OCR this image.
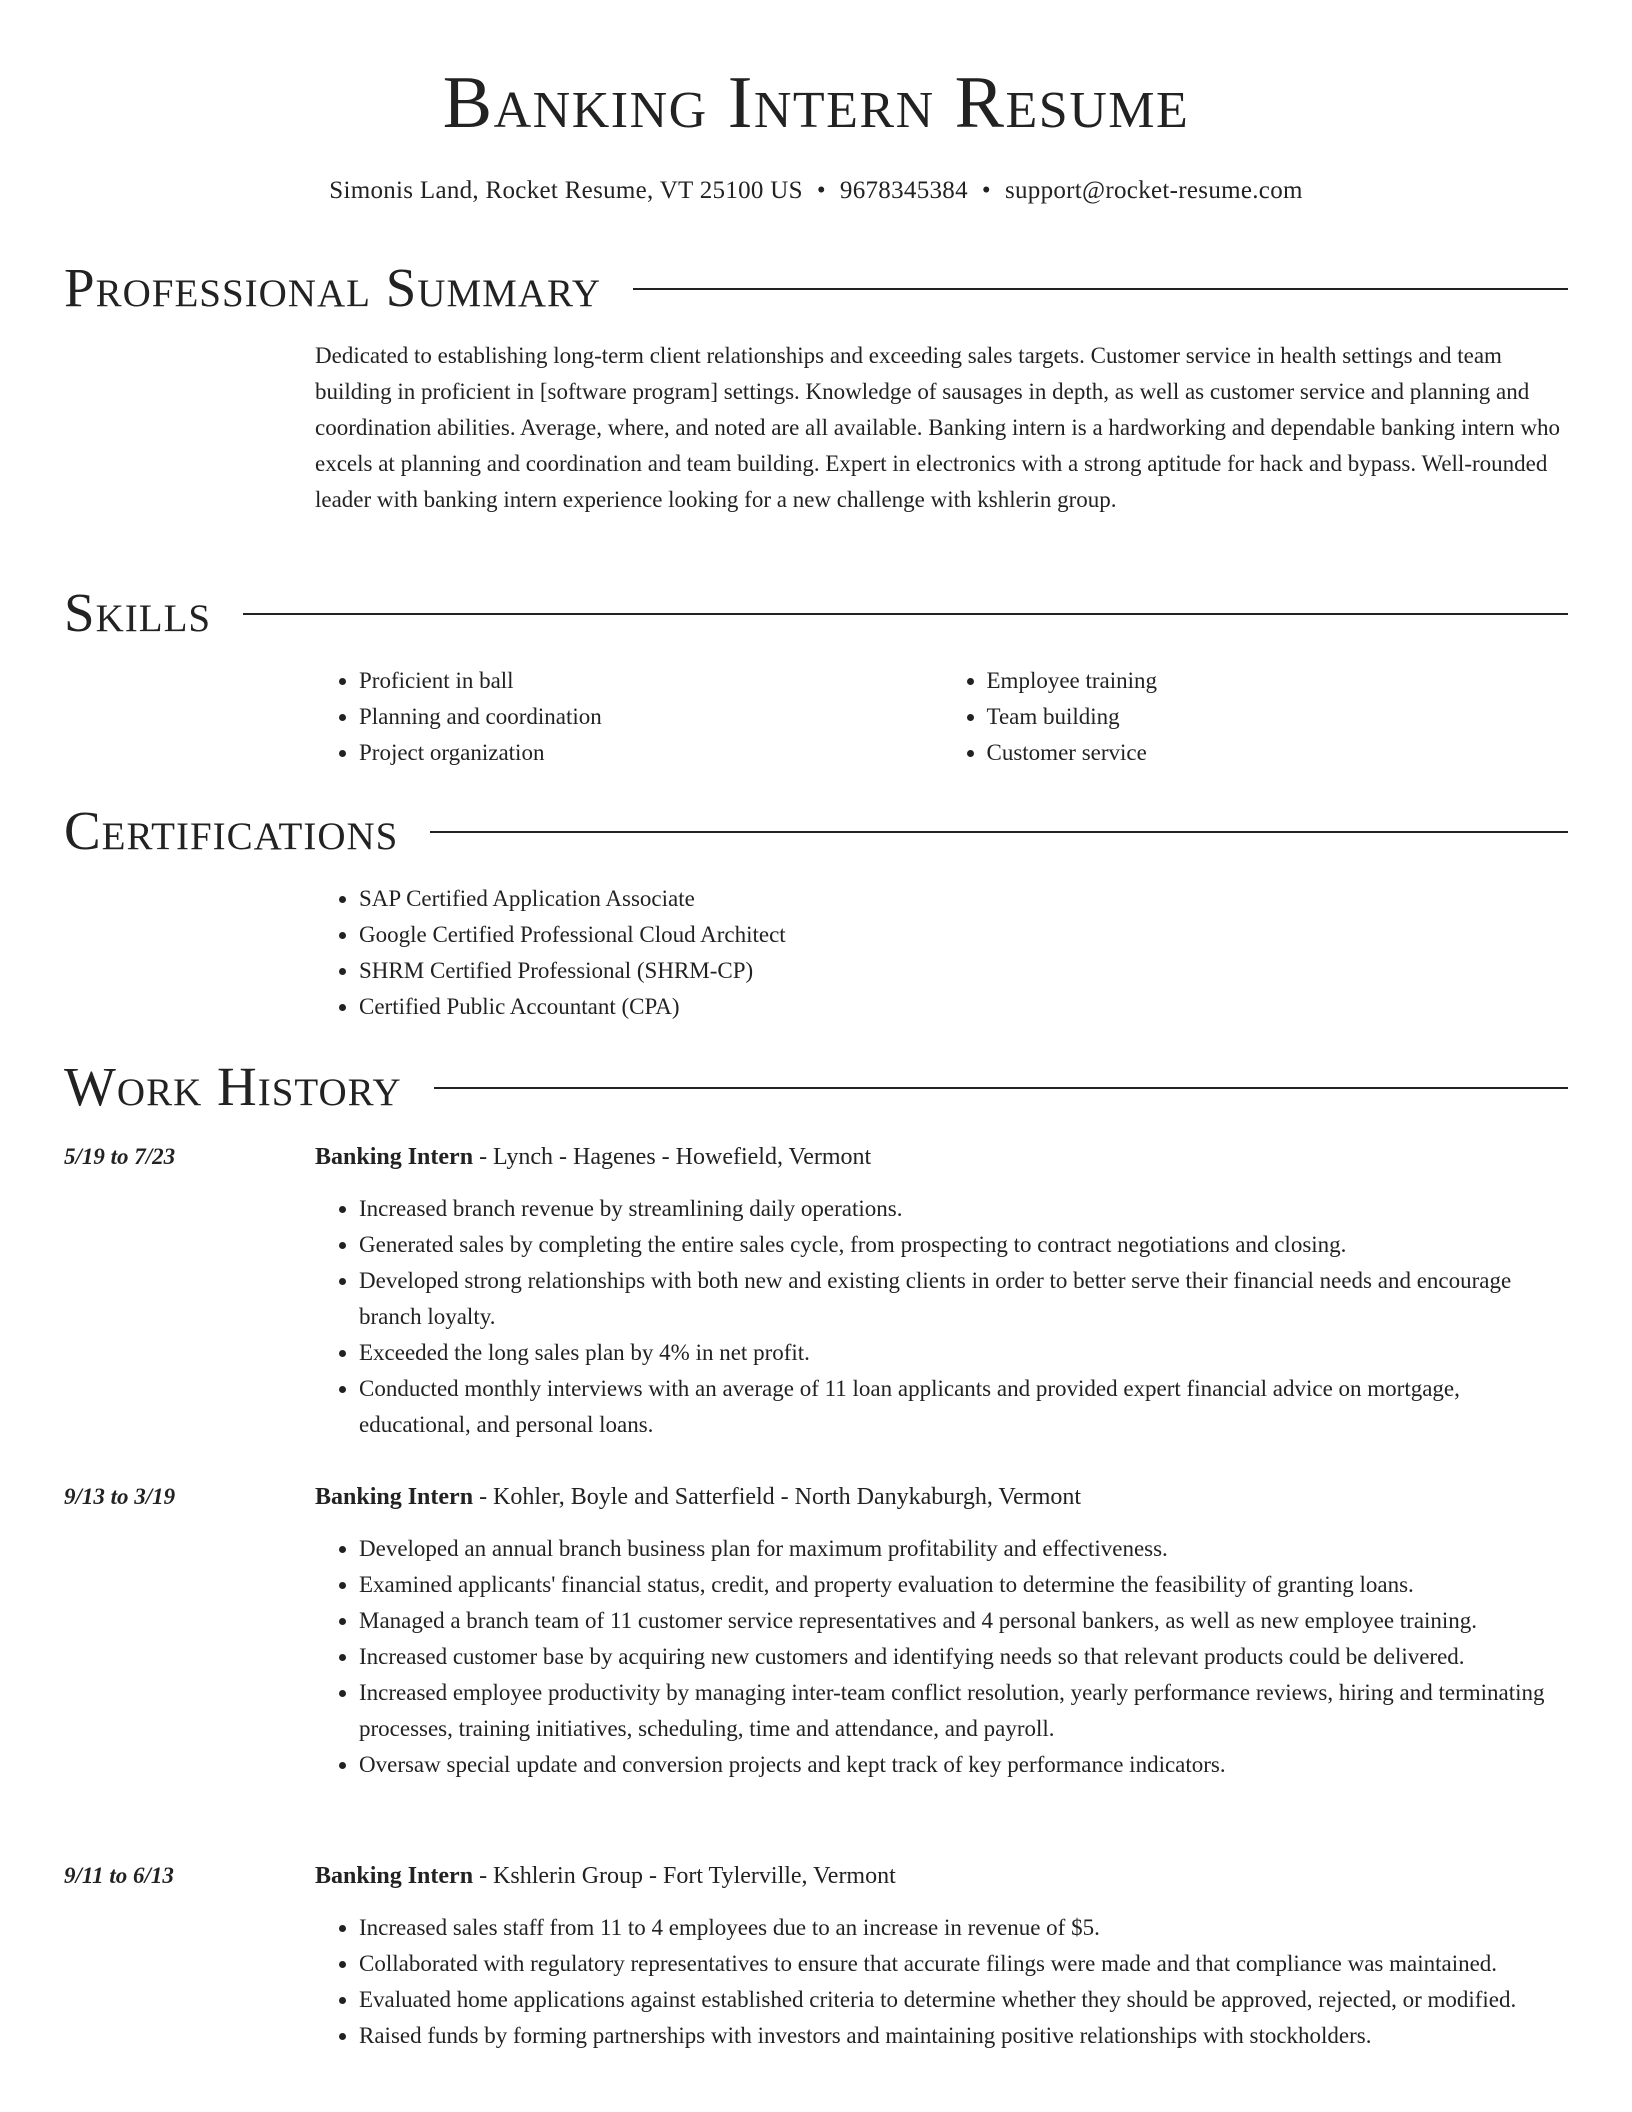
Banking Intern Resume
Simonis Land, Rocket Resume, VT 25100 US • 9678345384 • support@rocket-resume.com
Professional Summary

Dedicated to establishing long-term client relationships and exceeding sales targets. Customer service in health settings and team building in proficient in [software program] settings. Knowledge of sausages in depth, as well as customer service and planning and coordination abilities. Average, where, and noted are all available. Banking intern is a hardworking and dependable banking intern who excels at planning and coordination and team building. Expert in electronics with a strong aptitude for hack and bypass. Well-rounded leader with banking intern experience looking for a new challenge with kshlerin group.

Skills
• Proficient in ball
• Planning and coordination
• Project organization
• Employee training
• Team building
• Customer service
Certifications
• SAP Certified Application Associate
• Google Certified Professional Cloud Architect
• SHRM Certified Professional (SHRM-CP)
• Certified Public Accountant (CPA)
Work History
5/19 to 7/23	Banking Intern - Lynch - Hagenes - Howefield, Vermont
• Increased branch revenue by streamlining daily operations.
• Generated sales by completing the entire sales cycle, from prospecting to contract negotiations and closing.
• Developed strong relationships with both new and existing clients in order to better serve their financial needs and encourage branch loyalty.
• Exceeded the long sales plan by 4% in net profit.
• Conducted monthly interviews with an average of 11 loan applicants and provided expert financial advice on mortgage, educational, and personal loans.
9/13 to 3/19	Banking Intern - Kohler, Boyle and Satterfield - North Danykaburgh, Vermont
• Developed an annual branch business plan for maximum profitability and effectiveness.
• Examined applicants' financial status, credit, and property evaluation to determine the feasibility of granting loans.
• Managed a branch team of 11 customer service representatives and 4 personal bankers, as well as new employee training.
• Increased customer base by acquiring new customers and identifying needs so that relevant products could be delivered.
• Increased employee productivity by managing inter-team conflict resolution, yearly performance reviews, hiring and terminating processes, training initiatives, scheduling, time and attendance, and payroll.
• Oversaw special update and conversion projects and kept track of key performance indicators.
9/11 to 6/13	Banking Intern - Kshlerin Group - Fort Tylerville, Vermont
• Increased sales staff from 11 to 4 employees due to an increase in revenue of $5.
• Collaborated with regulatory representatives to ensure that accurate filings were made and that compliance was maintained.
• Evaluated home applications against established criteria to determine whether they should be approved, rejected, or modified.
• Raised funds by forming partnerships with investors and maintaining positive relationships with stockholders.
